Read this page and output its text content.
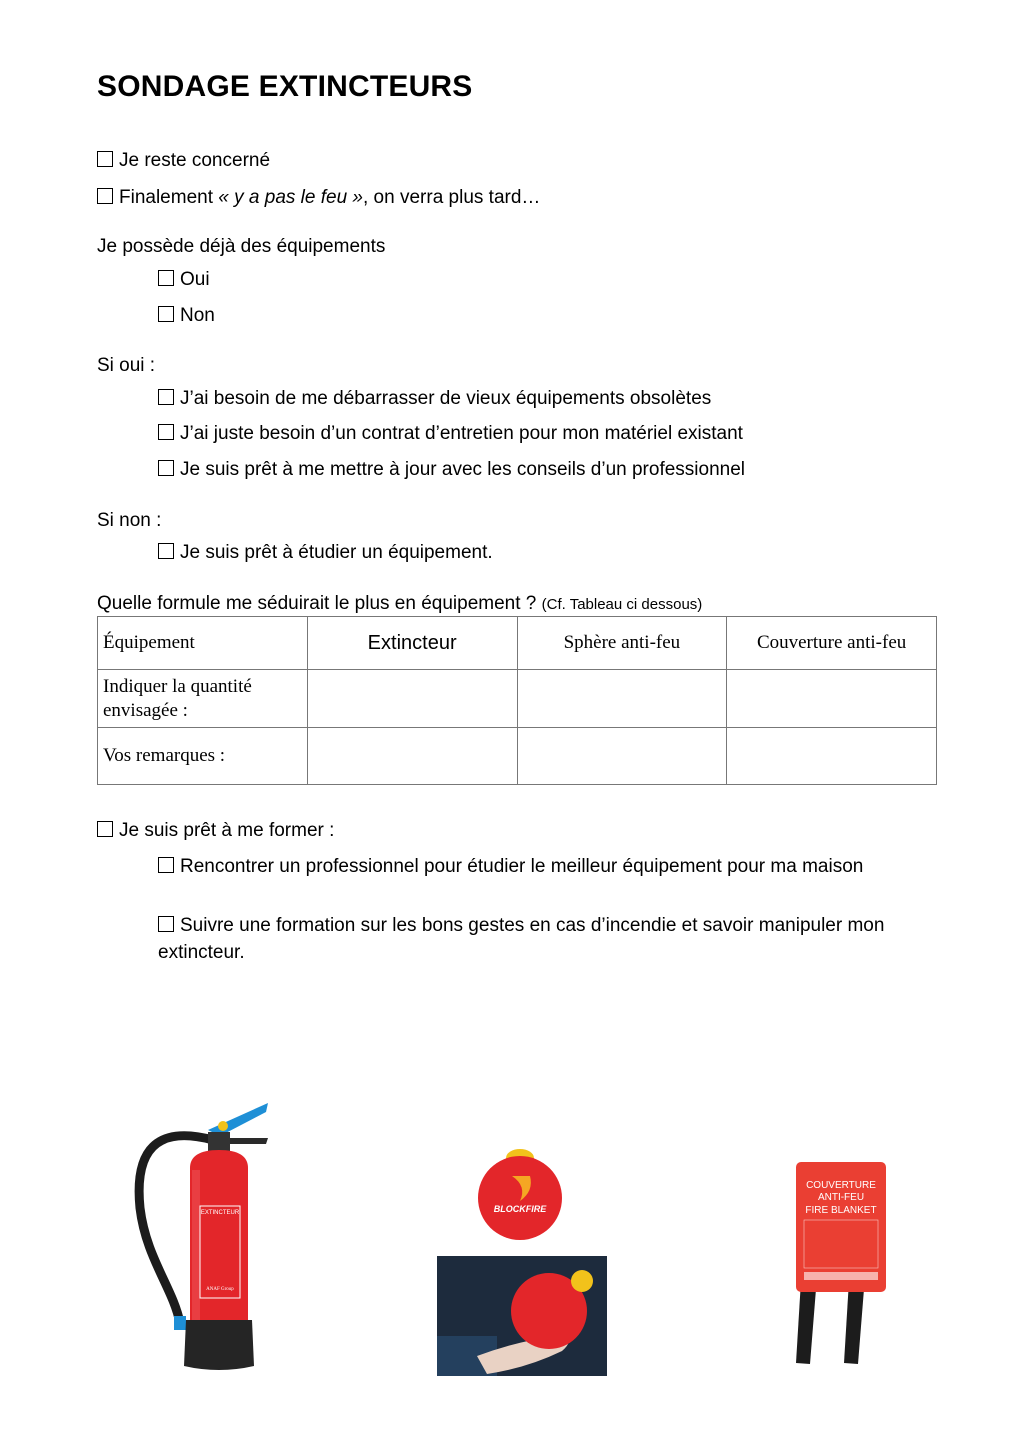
SONDAGE EXTINCTEURS
Je reste concerné
Finalement « y a pas le feu », on verra plus tard…
Je possède déjà des équipements
Oui
Non
Si oui :
J’ai besoin de me débarrasser de vieux équipements obsolètes
J’ai juste besoin d’un contrat d’entretien pour mon matériel existant
Je suis prêt à me mettre à jour avec les conseils d’un professionnel
Si non :
Je suis prêt à étudier un équipement.
Quelle formule me séduirait le plus en équipement ? (Cf. Tableau ci dessous)
Équipement	Extincteur	Sphère anti-feu	Couverture anti-feu
Indiquer la quantité envisagée :			
Vos remarques :			
Je suis prêt à me former :
Rencontrer un professionnel pour étudier le meilleur équipement pour ma maison
Suivre une formation sur les bons gestes en cas d’incendie et savoir manipuler mon extincteur.
EXTINCTEUR
ANAF Group
BLOCKFIRE
COUVERTURE
ANTI-FEU
FIRE BLANKET
